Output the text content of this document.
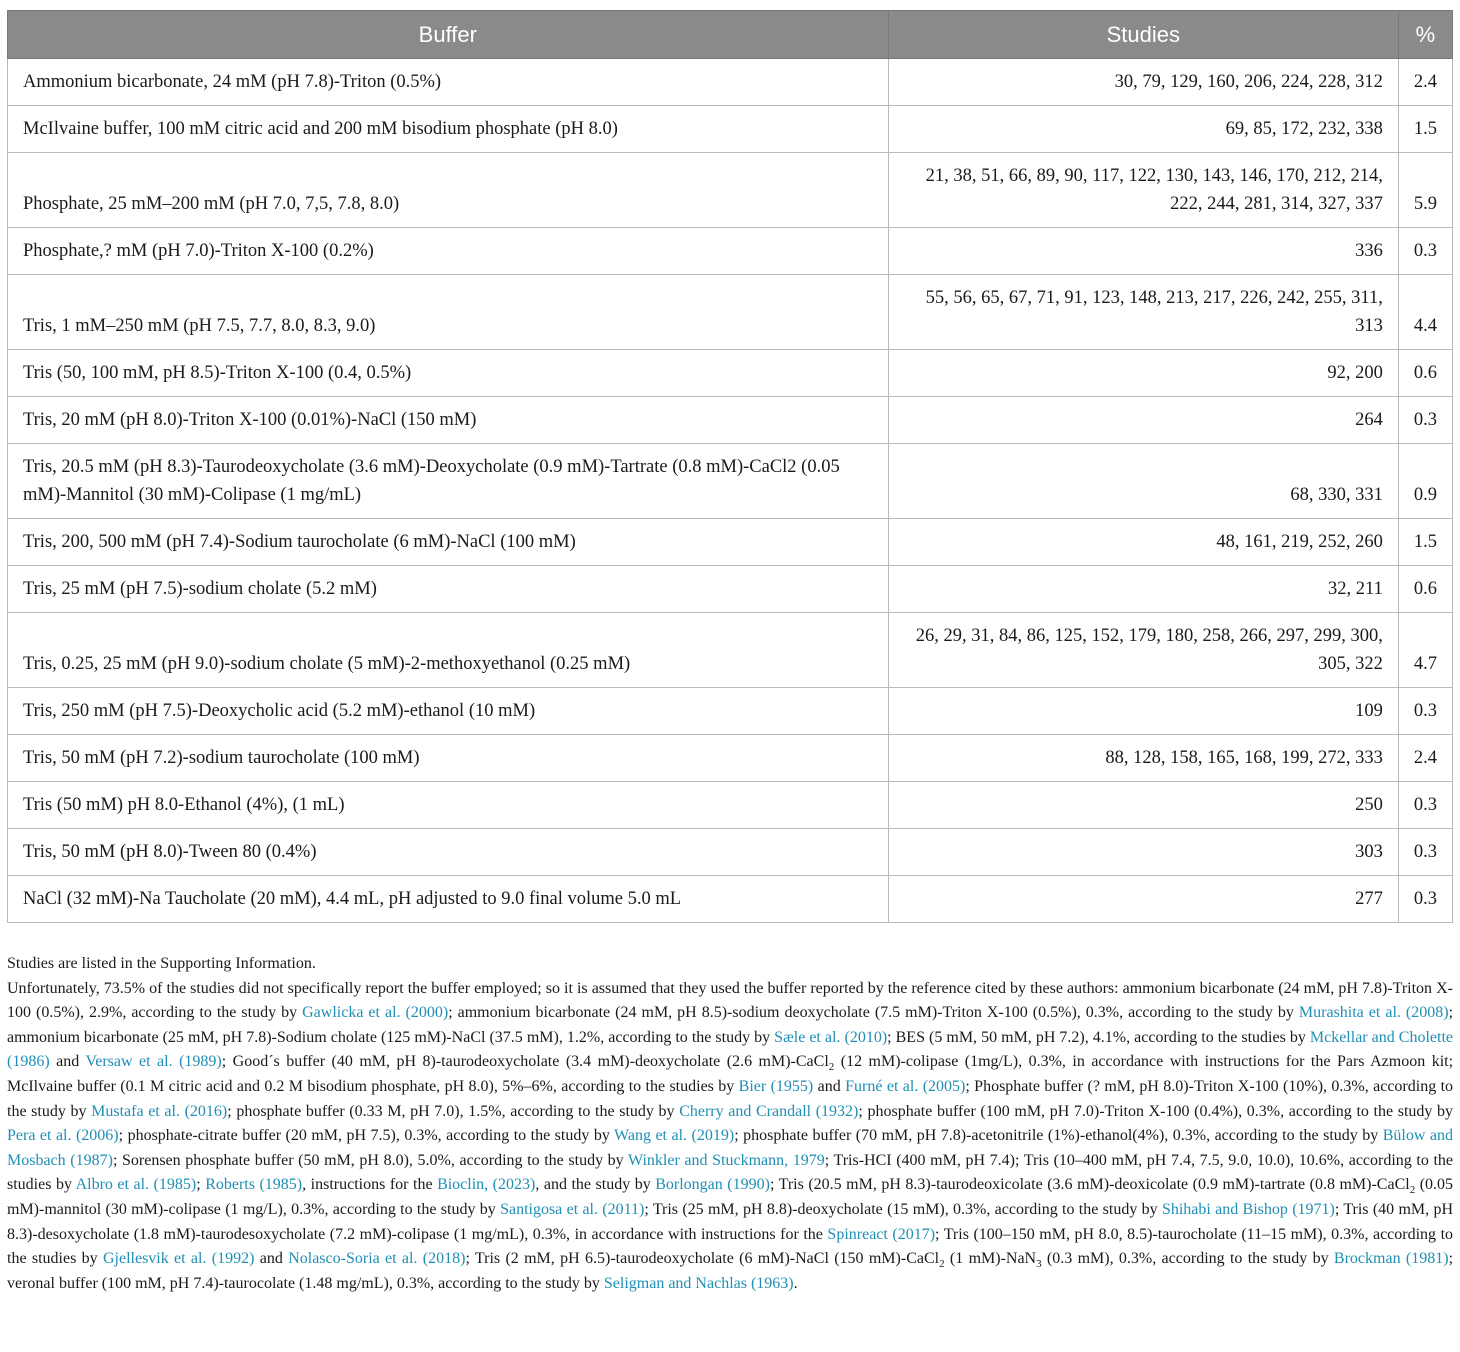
Buffer	Studies	%
Ammonium bicarbonate, 24 mM (pH 7.8)-Triton (0.5%)	30, 79, 129, 160, 206, 224, 228, 312	2.4
McIlvaine buffer, 100 mM citric acid and 200 mM bisodium phosphate (pH 8.0)	69, 85, 172, 232, 338	1.5
Phosphate, 25 mM–200 mM (pH 7.0, 7,5, 7.8, 8.0)	21, 38, 51, 66, 89, 90, 117, 122, 130, 143, 146, 170, 212, 214, 222, 244, 281, 314, 327, 337	5.9
Phosphate,? mM (pH 7.0)-Triton X-100 (0.2%)	336	0.3
Tris, 1 mM–250 mM (pH 7.5, 7.7, 8.0, 8.3, 9.0)	55, 56, 65, 67, 71, 91, 123, 148, 213, 217, 226, 242, 255, 311, 313	4.4
Tris (50, 100 mM, pH 8.5)-Triton X-100 (0.4, 0.5%)	92, 200	0.6
Tris, 20 mM (pH 8.0)-Triton X-100 (0.01%)-NaCl (150 mM)	264	0.3
Tris, 20.5 mM (pH 8.3)-Taurodeoxycholate (3.6 mM)-Deoxycholate (0.9 mM)-Tartrate (0.8 mM)-CaCl2 (0.05 mM)-Mannitol (30 mM)-Colipase (1 mg/mL)	68, 330, 331	0.9
Tris, 200, 500 mM (pH 7.4)-Sodium taurocholate (6 mM)-NaCl (100 mM)	48, 161, 219, 252, 260	1.5
Tris, 25 mM (pH 7.5)-sodium cholate (5.2 mM)	32, 211	0.6
Tris, 0.25, 25 mM (pH 9.0)-sodium cholate (5 mM)-2-methoxyethanol (0.25 mM)	26, 29, 31, 84, 86, 125, 152, 179, 180, 258, 266, 297, 299, 300, 305, 322	4.7
Tris, 250 mM (pH 7.5)-Deoxycholic acid (5.2 mM)-ethanol (10 mM)	109	0.3
Tris, 50 mM (pH 7.2)-sodium taurocholate (100 mM)	88, 128, 158, 165, 168, 199, 272, 333	2.4
Tris (50 mM) pH 8.0-Ethanol (4%), (1 mL)	250	0.3
Tris, 50 mM (pH 8.0)-Tween 80 (0.4%)	303	0.3
NaCl (32 mM)-Na Taucholate (20 mM), 4.4 mL, pH adjusted to 9.0 final volume 5.0 mL	277	0.3

Studies are listed in the Supporting Information.

Unfortunately, 73.5% of the studies did not specifically report the buffer employed; so it is assumed that they used the buffer reported by the reference cited by these authors: ammonium bicarbonate (24 mM, pH 7.8)-Triton X-100 (0.5%), 2.9%, according to the study by Gawlicka et al. (2000); ammonium bicarbonate (24 mM, pH 8.5)-sodium deoxycholate (7.5 mM)-Triton X-100 (0.5%), 0.3%, according to the study by Murashita et al. (2008); ammonium bicarbonate (25 mM, pH 7.8)-Sodium cholate (125 mM)-NaCl (37.5 mM), 1.2%, according to the study by Sæle et al. (2010); BES (5 mM, 50 mM, pH 7.2), 4.1%, according to the studies by Mckellar and Cholette (1986) and Versaw et al. (1989); Good´s buffer (40 mM, pH 8)-taurodeoxycholate (3.4 mM)-deoxycholate (2.6 mM)-CaCl$_2$ (12 mM)-colipase (1mg/L), 0.3%, in accordance with instructions for the Pars Azmoon kit; McIlvaine buffer (0.1 M citric acid and 0.2 M bisodium phosphate, pH 8.0), 5%–6%, according to the studies by Bier (1955) and Furné et al. (2005); Phosphate buffer (? mM, pH 8.0)-Triton X-100 (10%), 0.3%, according to the study by Mustafa et al. (2016); phosphate buffer (0.33 M, pH 7.0), 1.5%, according to the study by Cherry and Crandall (1932); phosphate buffer (100 mM, pH 7.0)-Triton X-100 (0.4%), 0.3%, according to the study by Pera et al. (2006); phosphate-citrate buffer (20 mM, pH 7.5), 0.3%, according to the study by Wang et al. (2019); phosphate buffer (70 mM, pH 7.8)-acetonitrile (1%)-ethanol(4%), 0.3%, according to the study by Bülow and Mosbach (1987); Sorensen phosphate buffer (50 mM, pH 8.0), 5.0%, according to the study by Winkler and Stuckmann, 1979; Tris-HCI (400 mM, pH 7.4); Tris (10–400 mM, pH 7.4, 7.5, 9.0, 10.0), 10.6%, according to the studies by Albro et al. (1985); Roberts (1985), instructions for the Bioclin, (2023), and the study by Borlongan (1990); Tris (20.5 mM, pH 8.3)-taurodeoxicolate (3.6 mM)-deoxicolate (0.9 mM)-tartrate (0.8 mM)-CaCl$_2$ (0.05 mM)-mannitol (30 mM)-colipase (1 mg/L), 0.3%, according to the study by Santigosa et al. (2011); Tris (25 mM, pH 8.8)-deoxycholate (15 mM), 0.3%, according to the study by Shihabi and Bishop (1971); Tris (40 mM, pH 8.3)-desoxycholate (1.8 mM)-taurodesoxycholate (7.2 mM)-colipase (1 mg/mL), 0.3%, in accordance with instructions for the Spinreact (2017); Tris (100–150 mM, pH 8.0, 8.5)-taurocholate (11–15 mM), 0.3%, according to the studies by Gjellesvik et al. (1992) and Nolasco-Soria et al. (2018); Tris (2 mM, pH 6.5)-taurodeoxycholate (6 mM)-NaCl (150 mM)-CaCl$_2$ (1 mM)-NaN$_3$ (0.3 mM), 0.3%, according to the study by Brockman (1981); veronal buffer (100 mM, pH 7.4)-taurocolate (1.48 mg/mL), 0.3%, according to the study by Seligman and Nachlas (1963).
